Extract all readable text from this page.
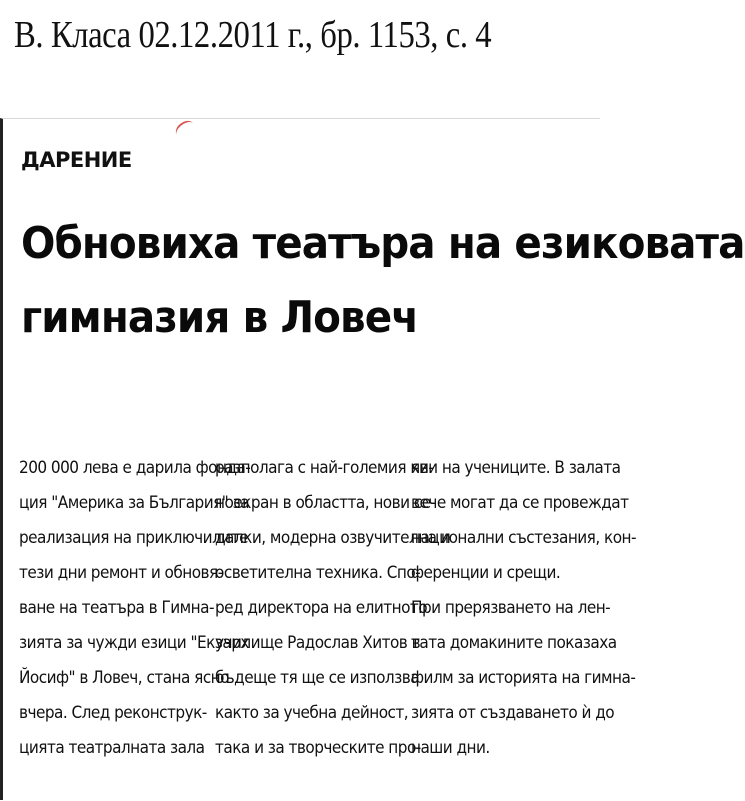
В. Класа 02.12.2011 г., бр. 1153, с. 4
ДАРЕНИЕ
Обновиха театъра на езиковата
гимназия в Ловеч
200 000 лева е дарила фонда-
ция "Америка за България" за
реализация на приключилите
тези дни ремонт и обновя-
ване на театъра в Гимна-
зията за чужди езици "Екзарх
Йосиф" в Ловеч, стана ясно
вчера. След реконструк-
цията театралната зала
разполага с най-големия ки-
ноекран в областта, нови се-
далки, модерна озвучителна и
осветителна техника. Спо-
ред директора на елитното
училище Радослав Хитов в
бъдеще тя ще се използва
както за учебна дейност,
така и за творческите про-
яви на учениците. В залата
вече могат да се провеждат
национални състезания, кон-
ференции и срещи.
При прерязването на лен-
тата домакините показаха
филм за историята на гимна-
зията от създаването ѝ до
наши дни.
